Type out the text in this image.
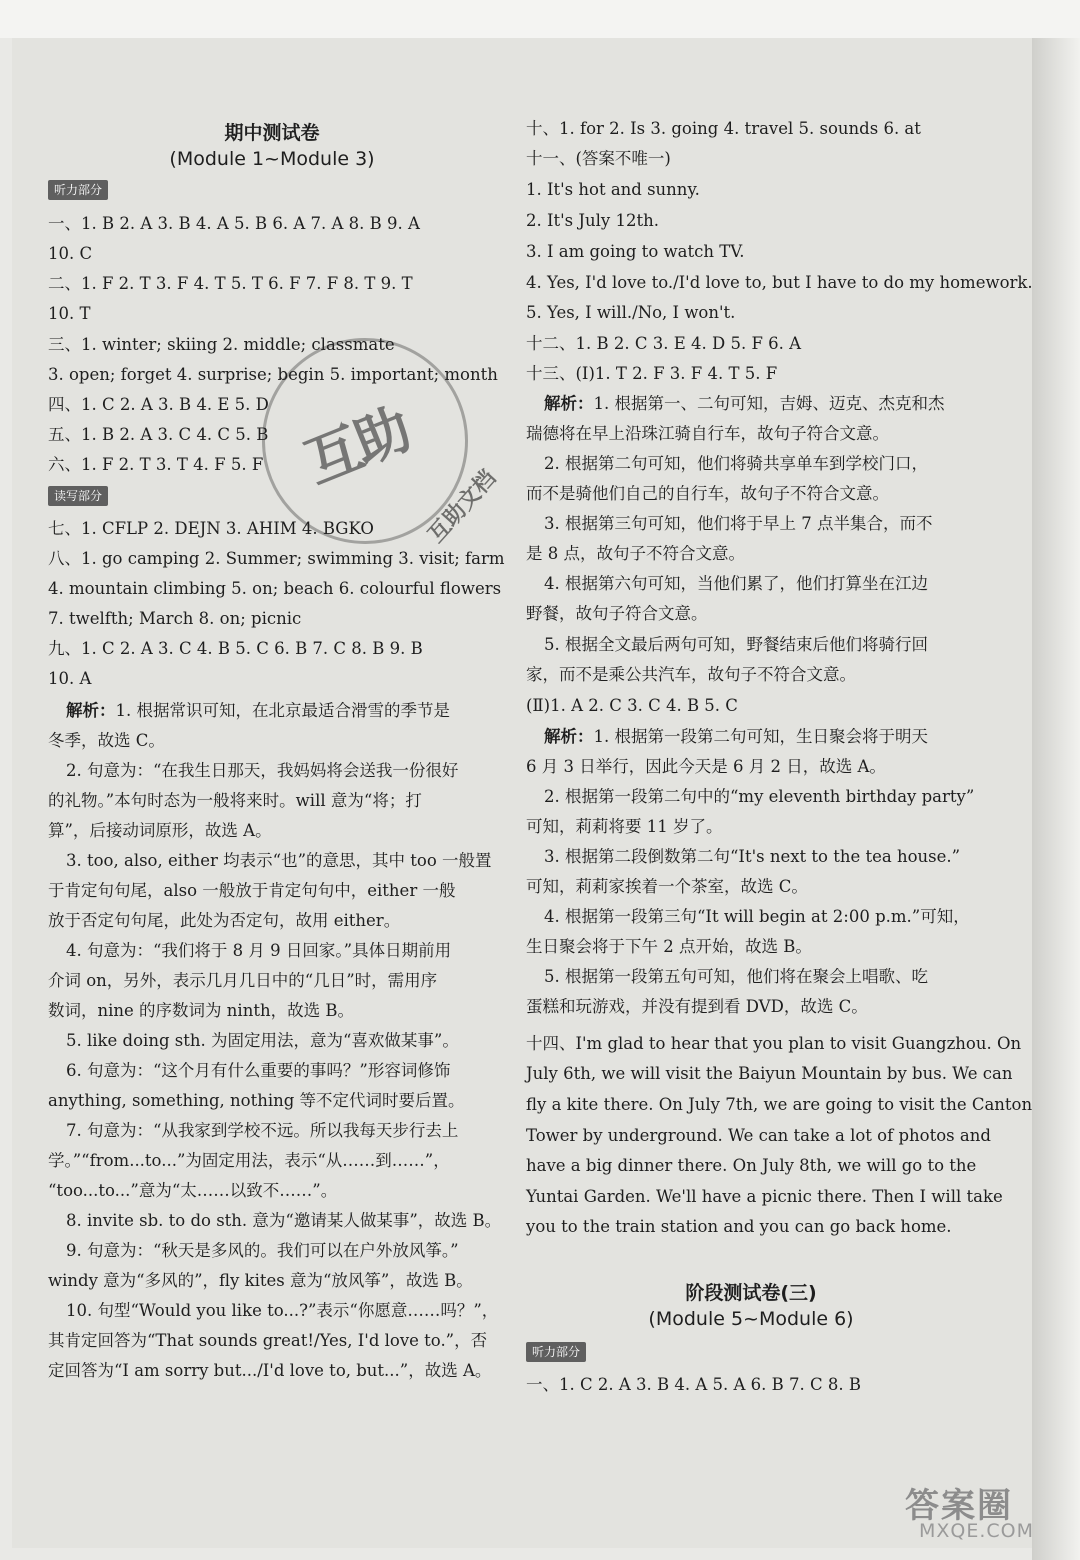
期中测试卷
(Module 1~Module 3)
听力部分
一、1. B 2. A 3. B 4. A 5. B 6. A 7. A 8. B 9. A
10. C
二、1. F 2. T 3. F 4. T 5. T 6. F 7. F 8. T 9. T
10. T
三、1. winter; skiing 2. middle; classmate
3. open; forget 4. surprise; begin 5. important; month
四、1. C 2. A 3. B 4. E 5. D
五、1. B 2. A 3. C 4. C 5. B
六、1. F 2. T 3. T 4. F 5. F
读写部分
七、1. CFLP 2. DEJN 3. AHIM 4. BGKO
八、1. go camping 2. Summer; swimming 3. visit; farm
4. mountain climbing 5. on; beach 6. colourful flowers
7. twelfth; March 8. on; picnic
九、1. C 2. A 3. C 4. B 5. C 6. B 7. C 8. B 9. B
10. A
解析：1. 根据常识可知，在北京最适合滑雪的季节是
冬季，故选 C。
2. 句意为：“在我生日那天，我妈妈将会送我一份很好
的礼物。”本句时态为一般将来时。will 意为“将；打
算”，后接动词原形，故选 A。
3. too, also, either 均表示“也”的意思，其中 too 一般置
于肯定句句尾，also 一般放于肯定句句中，either 一般
放于否定句句尾，此处为否定句，故用 either。
4. 句意为：“我们将于 8 月 9 日回家。”具体日期前用
介词 on，另外，表示几月几日中的“几日”时，需用序
数词，nine 的序数词为 ninth，故选 B。
5. like doing sth. 为固定用法，意为“喜欢做某事”。
6. 句意为：“这个月有什么重要的事吗？”形容词修饰
anything, something, nothing 等不定代词时要后置。
7. 句意为：“从我家到学校不远。所以我每天步行去上
学。”“from...to...”为固定用法，表示“从……到……”，
“too...to...”意为“太……以致不……”。
8. invite sb. to do sth. 意为“邀请某人做某事”，故选 B。
9. 句意为：“秋天是多风的。我们可以在户外放风筝。”
windy 意为“多风的”，fly kites 意为“放风筝”，故选 B。
10. 句型“Would you like to...?”表示“你愿意……吗？”，
其肯定回答为“That sounds great!/Yes, I'd love to.”，否
定回答为“I am sorry but.../I'd love to, but...”，故选 A。
十、1. for 2. Is 3. going 4. travel 5. sounds 6. at
十一、(答案不唯一)
1. It's hot and sunny.
2. It's July 12th.
3. I am going to watch TV.
4. Yes, I'd love to./I'd love to, but I have to do my homework.
5. Yes, I will./No, I won't.
十二、1. B 2. C 3. E 4. D 5. F 6. A
十三、(Ⅰ)1. T 2. F 3. F 4. T 5. F
解析：1. 根据第一、二句可知，吉姆、迈克、杰克和杰
瑞德将在早上沿珠江骑自行车，故句子符合文意。
2. 根据第二句可知，他们将骑共享单车到学校门口，
而不是骑他们自己的自行车，故句子不符合文意。
3. 根据第三句可知，他们将于早上 7 点半集合，而不
是 8 点，故句子不符合文意。
4. 根据第六句可知，当他们累了，他们打算坐在江边
野餐，故句子符合文意。
5. 根据全文最后两句可知，野餐结束后他们将骑行回
家，而不是乘公共汽车，故句子不符合文意。
(Ⅱ)1. A 2. C 3. C 4. B 5. C
解析：1. 根据第一段第二句可知，生日聚会将于明天
6 月 3 日举行，因此今天是 6 月 2 日，故选 A。
2. 根据第一段第二句中的“my eleventh birthday party”
可知，莉莉将要 11 岁了。
3. 根据第二段倒数第二句“It's next to the tea house.”
可知，莉莉家挨着一个茶室，故选 C。
4. 根据第一段第三句“It will begin at 2:00 p.m.”可知，
生日聚会将于下午 2 点开始，故选 B。
5. 根据第一段第五句可知，他们将在聚会上唱歌、吃
蛋糕和玩游戏，并没有提到看 DVD，故选 C。
十四、I'm glad to hear that you plan to visit Guangzhou. On
July 6th, we will visit the Baiyun Mountain by bus. We can
fly a kite there. On July 7th, we are going to visit the Canton
Tower by underground. We can take a lot of photos and
have a big dinner there. On July 8th, we will go to the
Yuntai Garden. We'll have a picnic there. Then I will take
you to the train station and you can go back home.
阶段测试卷(三)
(Module 5~Module 6)
听力部分
一、1. C 2. A 3. B 4. A 5. A 6. B 7. C 8. B
互助
互助文档
答案圈
MXQE.COM
